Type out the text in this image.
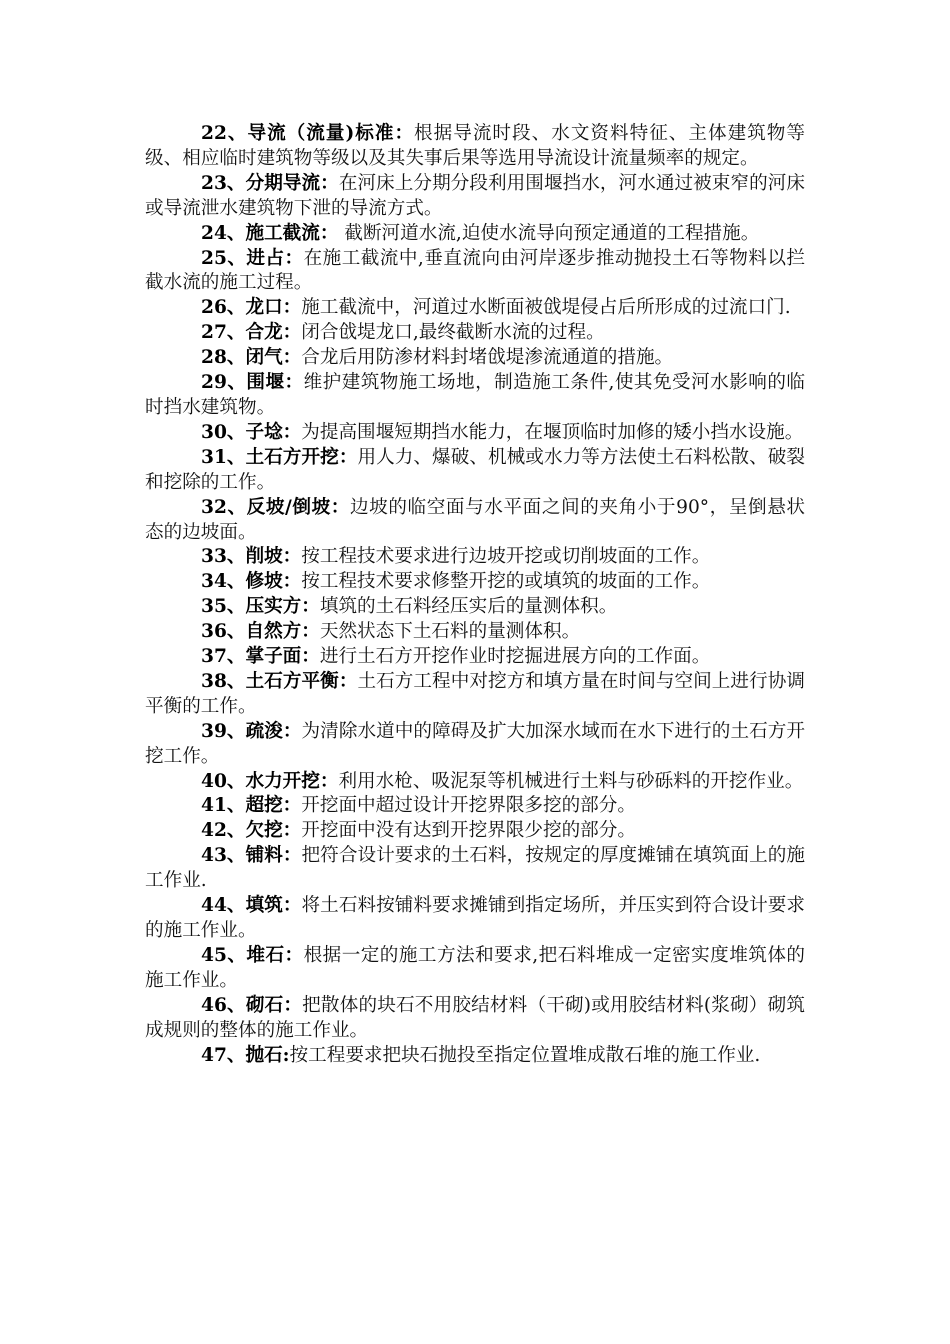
22、导流（流量)标准：根据导流时段、水文资料特征、主体建筑物等级、相应临时建筑物等级以及其失事后果等选用导流设计流量频率的规定。

23、分期导流：在河床上分期分段利用围堰挡水，河水通过被束窄的河床或导流泄水建筑物下泄的导流方式。

24、施工截流： 截断河道水流,迫使水流导向预定通道的工程措施。

25、进占：在施工截流中,垂直流向由河岸逐步推动抛投土石等物料以拦截水流的施工过程。

26、龙口：施工截流中，河道过水断面被戗堤侵占后所形成的过流口门.

27、合龙：闭合戗堤龙口,最终截断水流的过程。

28、闭气：合龙后用防渗材料封堵戗堤渗流通道的措施。

29、围堰：维护建筑物施工场地，制造施工条件,使其免受河水影响的临时挡水建筑物。

30、子埝：为提高围堰短期挡水能力，在堰顶临时加修的矮小挡水设施。

31、土石方开挖：用人力、爆破、机械或水力等方法使土石料松散、破裂和挖除的工作。

32、反坡/倒坡：边坡的临空面与水平面之间的夹角小于90°，呈倒悬状态的边坡面。

33、削坡：按工程技术要求进行边坡开挖或切削坡面的工作。

34、修坡：按工程技术要求修整开挖的或填筑的坡面的工作。

35、压实方：填筑的土石料经压实后的量测体积。

36、自然方：天然状态下土石料的量测体积。

37、掌子面：进行土石方开挖作业时挖掘进展方向的工作面。

38、土石方平衡：土石方工程中对挖方和填方量在时间与空间上进行协调平衡的工作。

39、疏浚：为清除水道中的障碍及扩大加深水域而在水下进行的土石方开挖工作。

40、水力开挖：利用水枪、吸泥泵等机械进行土料与砂砾料的开挖作业。

41、超挖：开挖面中超过设计开挖界限多挖的部分。

42、欠挖：开挖面中没有达到开挖界限少挖的部分。

43、铺料：把符合设计要求的土石料，按规定的厚度摊铺在填筑面上的施工作业.

44、填筑：将土石料按铺料要求摊铺到指定场所，并压实到符合设计要求的施工作业。

45、堆石：根据一定的施工方法和要求,把石料堆成一定密实度堆筑体的施工作业。

46、砌石：把散体的块石不用胶结材料（干砌)或用胶结材料(浆砌）砌筑成规则的整体的施工作业。

47、抛石:按工程要求把块石抛投至指定位置堆成散石堆的施工作业.
